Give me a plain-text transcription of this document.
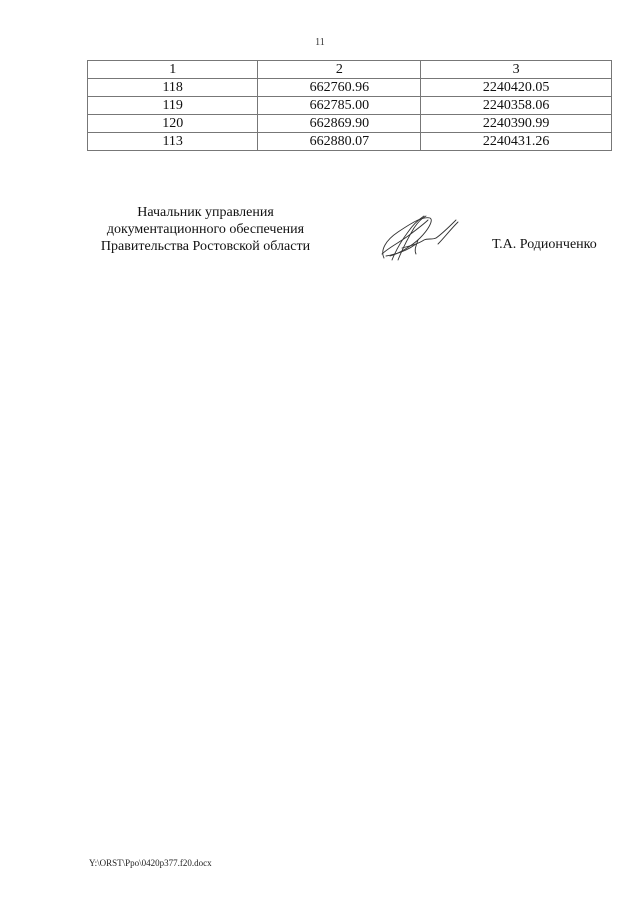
11
1	2	3
118	662760.96	2240420.05
119	662785.00	2240358.06
120	662869.90	2240390.99
113	662880.07	2240431.26
Начальник управления
документационного обеспечения
Правительства Ростовской области	Т.А. Родионченко
Y:\ORST\Ppo\0420p377.f20.docx
